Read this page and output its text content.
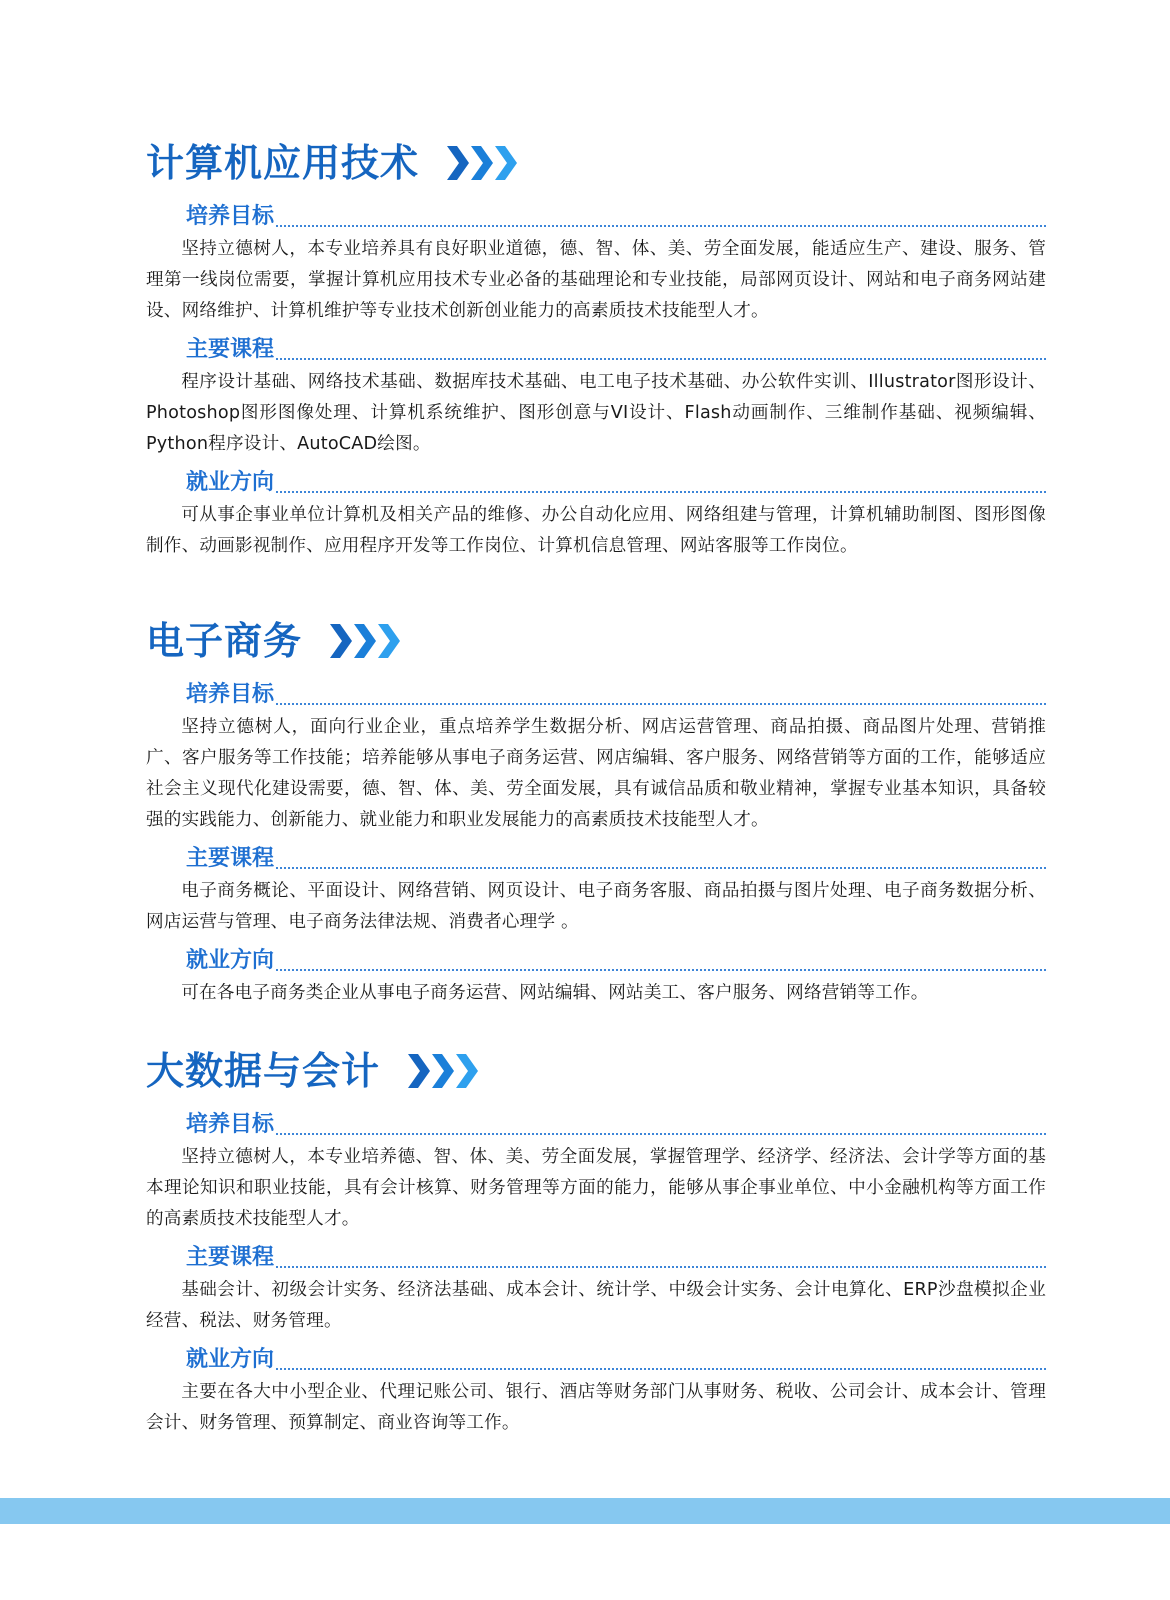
计算机应用技术
培养目标

坚持立德树人，本专业培养具有良好职业道德，德、智、体、美、劳全面发展，能适应生产、建设、服务、管理第一线岗位需要，掌握计算机应用技术专业必备的基础理论和专业技能，局部网页设计、网站和电子商务网站建设、网络维护、计算机维护等专业技术创新创业能力的高素质技术技能型人才。

主要课程

程序设计基础、网络技术基础、数据库技术基础、电工电子技术基础、办公软件实训、Illustrator图形设计、Photoshop图形图像处理、计算机系统维护、图形创意与VI设计、Flash动画制作、三维制作基础、视频编辑、Python程序设计、AutoCAD绘图。

就业方向

可从事企事业单位计算机及相关产品的维修、办公自动化应用、网络组建与管理，计算机辅助制图、图形图像制作、动画影视制作、应用程序开发等工作岗位、计算机信息管理、网站客服等工作岗位。

电子商务
培养目标

坚持立德树人，面向行业企业，重点培养学生数据分析、网店运营管理、商品拍摄、商品图片处理、营销推广、客户服务等工作技能；培养能够从事电子商务运营、网店编辑、客户服务、网络营销等方面的工作，能够适应社会主义现代化建设需要，德、智、体、美、劳全面发展，具有诚信品质和敬业精神，掌握专业基本知识，具备较强的实践能力、创新能力、就业能力和职业发展能力的高素质技术技能型人才。

主要课程

电子商务概论、平面设计、网络营销、网页设计、电子商务客服、商品拍摄与图片处理、电子商务数据分析、网店运营与管理、电子商务法律法规、消费者心理学 。

就业方向

可在各电子商务类企业从事电子商务运营、网站编辑、网站美工、客户服务、网络营销等工作。

大数据与会计
培养目标

坚持立德树人，本专业培养德、智、体、美、劳全面发展，掌握管理学、经济学、经济法、会计学等方面的基本理论知识和职业技能，具有会计核算、财务管理等方面的能力，能够从事企事业单位、中小金融机构等方面工作的高素质技术技能型人才。

主要课程

基础会计、初级会计实务、经济法基础、成本会计、统计学、中级会计实务、会计电算化、ERP沙盘模拟企业经营、税法、财务管理。

就业方向

主要在各大中小型企业、代理记账公司、银行、酒店等财务部门从事财务、税收、公司会计、成本会计、管理会计、财务管理、预算制定、商业咨询等工作。
